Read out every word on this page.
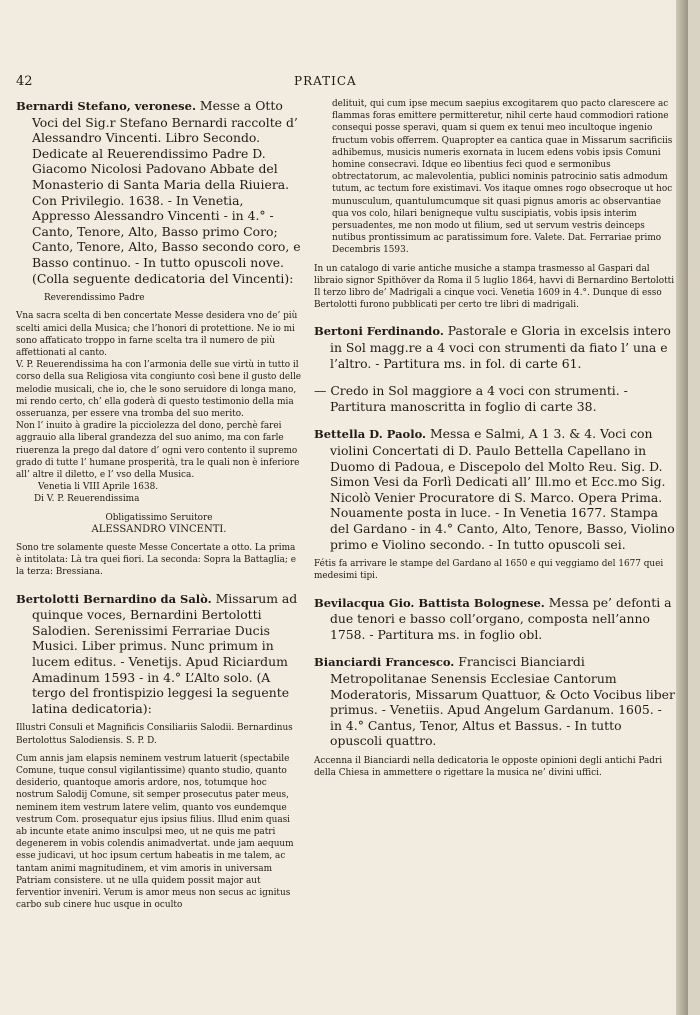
42	PRATICA

Bernardi Stefano, veronese. Messe a Otto Voci del Sig.r Stefano Bernardi raccolte d’ Alessandro Vincenti. Libro Secondo. Dedicate al Reuerendissimo Padre D. Giacomo Nicolosi Padovano Abbate del Monasterio di Santa Maria della Riuiera. Con Privilegio. 1638. - In Venetia, Appresso Alessandro Vincenti - in 4.° - Canto, Tenore, Alto, Basso primo Coro; Canto, Tenore, Alto, Basso secondo coro, e Basso continuo. - In tutto opuscoli nove. (Colla seguente dedicatoria del Vincenti):

Reverendissimo Padre

Vna sacra scelta di ben concertate Messe desidera vno de’ più scelti amici della Musica; che l’honori di protettione. Ne io mi sono affaticato troppo in farne scelta tra il numero de più affettionati al canto.
V. P. Reuerendissima ha con l’armonia delle sue virtù in tutto il corso della sua Religiosa vita congiunto così bene il gusto delle melodie musicali, che io, che le sono seruidore di longa mano, mi rendo certo, ch’ ella goderà di questo testimonio della mia osseruanza, per essere vna tromba del suo merito.
Non l’ inuito à gradire la picciolezza del dono, perchè farei aggrauio alla liberal grandezza del suo animo, ma con farle riuerenza la prego dal datore d’ ogni vero contento il supremo grado di tutte l’ humane prosperità, tra le quali non è inferiore all’ altre il diletto, e l’ vso della Musica.

Venetia li VIII Aprile 1638.

Di V. P. Reuerendissima

Obligatissimo Seruitore

ALESSANDRO VINCENTI.

Sono tre solamente queste Messe Concertate a otto. La prima è intitolata: Là tra quei fiori. La seconda: Sopra la Battaglia; e la terza: Bressiana.

Bertolotti Bernardino da Salò. Missarum ad quinque voces, Bernardini Bertolotti Salodien. Serenissimi Ferrariae Ducis Musici. Liber primus. Nunc primum in lucem editus. - Venetijs. Apud Riciardum Amadinum 1593 - in 4.° L’Alto solo. (A tergo del frontispizio leggesi la seguente latina dedicatoria):

Illustri Consuli et Magnificis Consiliariis Salodii. Bernardinus Bertolottus Salodiensis. S. P. D.

Cum annis jam elapsis neminem vestrum latuerit (spectabile Comune, tuque consul vigilantissime) quanto studio, quanto desiderio, quantoque amoris ardore, nos, totumque hoc nostrum Salodij Comune, sit semper prosecutus pater meus, neminem item vestrum latere velim, quanto vos eundemque vestrum Com. prosequatur ejus ipsius filius. Illud enim quasi ab incunte etate animo insculpsi meo, ut ne quis me patri degenerem in vobis colendis animadvertat. unde jam aequum esse judicavi, ut hoc ipsum certum habeatis in me talem, ac tantam animi magnitudinem, et vim amoris in universam Patriam consistere. ut ne ulla quidem possit major aut ferventior inveniri. Verum is amor meus non secus ac ignitus carbo sub cinere huc usque in oculto

delituit, qui cum ipse mecum saepius excogitarem quo pacto clarescere ac flammas foras emittere permitteretur, nihil certe haud commodiori ratione consequi posse speravi, quam si quem ex tenui meo incultoque ingenio fructum vobis offerrem. Quapropter ea cantica quae in Missarum sacrificiis adhibemus, musicis numeris exornata in lucem edens vobis ipsis Comuni homine consecravi. Idque eo libentius feci quod e sermonibus obtrectatorum, ac malevolentia, publici nominis patrocinio satis admodum tutum, ac tectum fore existimavi. Vos itaque omnes rogo obsecroque ut hoc munusculum, quantulumcumque sit quasi pignus amoris ac observantiae qua vos colo, hilari benigneque vultu suscipiatis, vobis ipsis interim persuadentes, me non modo ut filium, sed ut servum vestris deinceps nutibus prontissimum ac paratissimum fore. Valete. Dat. Ferrariae primo Decembris 1593.

In un catalogo di varie antiche musiche a stampa trasmesso al Gaspari dal libraio signor Spithöver da Roma il 5 luglio 1864, havvi di Bernardino Bertolotti Il terzo libro de’ Madrigali a cinque voci. Venetia 1609 in 4.°. Dunque di esso Bertolotti furono pubblicati per certo tre libri di madrigali.

Bertoni Ferdinando. Pastorale e Gloria in excelsis intero in Sol magg.re a 4 voci con strumenti da fiato l’ una e l’altro. - Partitura ms. in fol. di carte 61.

— Credo in Sol maggiore a 4 voci con strumenti. - Partitura manoscritta in foglio di carte 38.

Bettella D. Paolo. Messa e Salmi, A 1 3. & 4. Voci con violini Concertati di D. Paulo Bettella Capellano in Duomo di Padoua, e Discepolo del Molto Reu. Sig. D. Simon Vesi da Forlì Dedicati all’ Ill.mo et Ecc.mo Sig. Nicolò Venier Procuratore di S. Marco. Opera Prima. Nouamente posta in luce. - In Venetia 1677. Stampa del Gardano - in 4.° Canto, Alto, Tenore, Basso, Violino primo e Violino secondo. - In tutto opuscoli sei.

Fétis fa arrivare le stampe del Gardano al 1650 e qui veggiamo del 1677 quei medesimi tipi.

Bevilacqua Gio. Battista Bolognese. Messa pe’ defonti a due tenori e basso coll’organo, composta nell’anno 1758. - Partitura ms. in foglio obl.

Bianciardi Francesco. Francisci Bianciardi Metropolitanae Senensis Ecclesiae Cantorum Moderatoris, Missarum Quattuor, & Octo Vocibus liber primus. - Venetiis. Apud Angelum Gardanum. 1605. - in 4.° Cantus, Tenor, Altus et Bassus. - In tutto opuscoli quattro.

Accenna il Bianciardi nella dedicatoria le opposte opinioni degli antichi Padri della Chiesa in ammettere o rigettare la musica ne’ divini uffici.
